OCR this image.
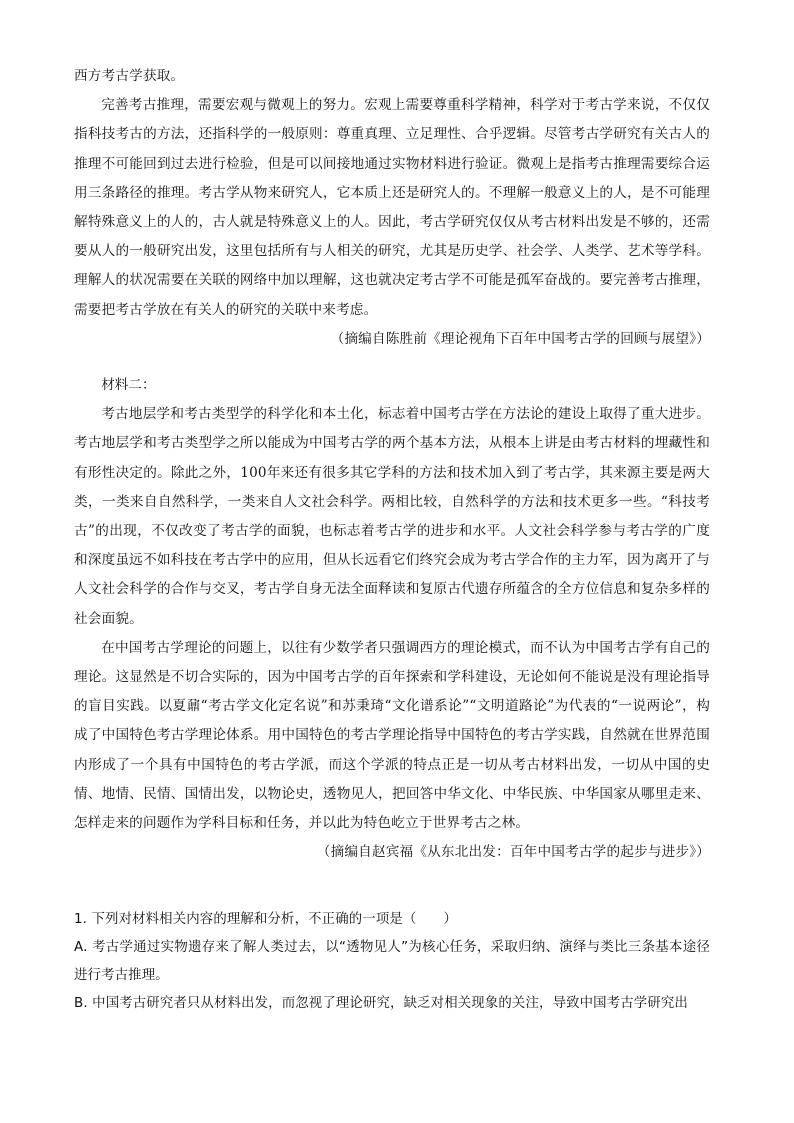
西方考古学获取。

完善考古推理，需要宏观与微观上的努力。宏观上需要尊重科学精神，科学对于考古学来说，不仅仅指科技考古的方法，还指科学的一般原则：尊重真理、立足理性、合乎逻辑。尽管考古学研究有关古人的推理不可能回到过去进行检验，但是可以间接地通过实物材料进行验证。微观上是指考古推理需要综合运用三条路径的推理。考古学从物来研究人，它本质上还是研究人的。不理解一般意义上的人，是不可能理解特殊意义上的人的，古人就是特殊意义上的人。因此，考古学研究仅仅从考古材料出发是不够的，还需要从人的一般研究出发，这里包括所有与人相关的研究，尤其是历史学、社会学、人类学、艺术等学科。理解人的状况需要在关联的网络中加以理解，这也就决定考古学不可能是孤军奋战的。要完善考古推理，需要把考古学放在有关人的研究的关联中来考虑。

（摘编自陈胜前《理论视角下百年中国考古学的回顾与展望》）

材料二：

考古地层学和考古类型学的科学化和本土化，标志着中国考古学在方法论的建设上取得了重大进步。考古地层学和考古类型学之所以能成为中国考古学的两个基本方法，从根本上讲是由考古材料的埋藏性和有形性决定的。除此之外，100年来还有很多其它学科的方法和技术加入到了考古学，其来源主要是两大类，一类来自自然科学，一类来自人文社会科学。两相比较，自然科学的方法和技术更多一些。“科技考古”的出现，不仅改变了考古学的面貌，也标志着考古学的进步和水平。人文社会科学参与考古学的广度和深度虽远不如科技在考古学中的应用，但从长远看它们终究会成为考古学合作的主力军，因为离开了与人文社会科学的合作与交叉，考古学自身无法全面释读和复原古代遗存所蕴含的全方位信息和复杂多样的社会面貌。

在中国考古学理论的问题上，以往有少数学者只强调西方的理论模式，而不认为中国考古学有自己的理论。这显然是不切合实际的，因为中国考古学的百年探索和学科建设，无论如何不能说是没有理论指导的盲目实践。以夏鼐“考古学文化定名说”和苏秉琦“文化谱系论”“文明道路论”为代表的“一说两论”，构成了中国特色考古学理论体系。用中国特色的考古学理论指导中国特色的考古学实践，自然就在世界范围内形成了一个具有中国特色的考古学派，而这个学派的特点正是一切从考古材料出发，一切从中国的史情、地情、民情、国情出发，以物论史，透物见人，把回答中华文化、中华民族、中华国家从哪里走来、怎样走来的问题作为学科目标和任务，并以此为特色屹立于世界考古之林。

（摘编自赵宾福《从东北出发：百年中国考古学的起步与进步》）

1. 下列对材料相关内容的理解和分析，不正确的一项是（　　）

A. 考古学通过实物遗存来了解人类过去，以“透物见人”为核心任务，采取归纳、演绎与类比三条基本途径进行考古推理。

B. 中国考古研究者只从材料出发，而忽视了理论研究，缺乏对相关现象的关注，导致中国考古学研究出
